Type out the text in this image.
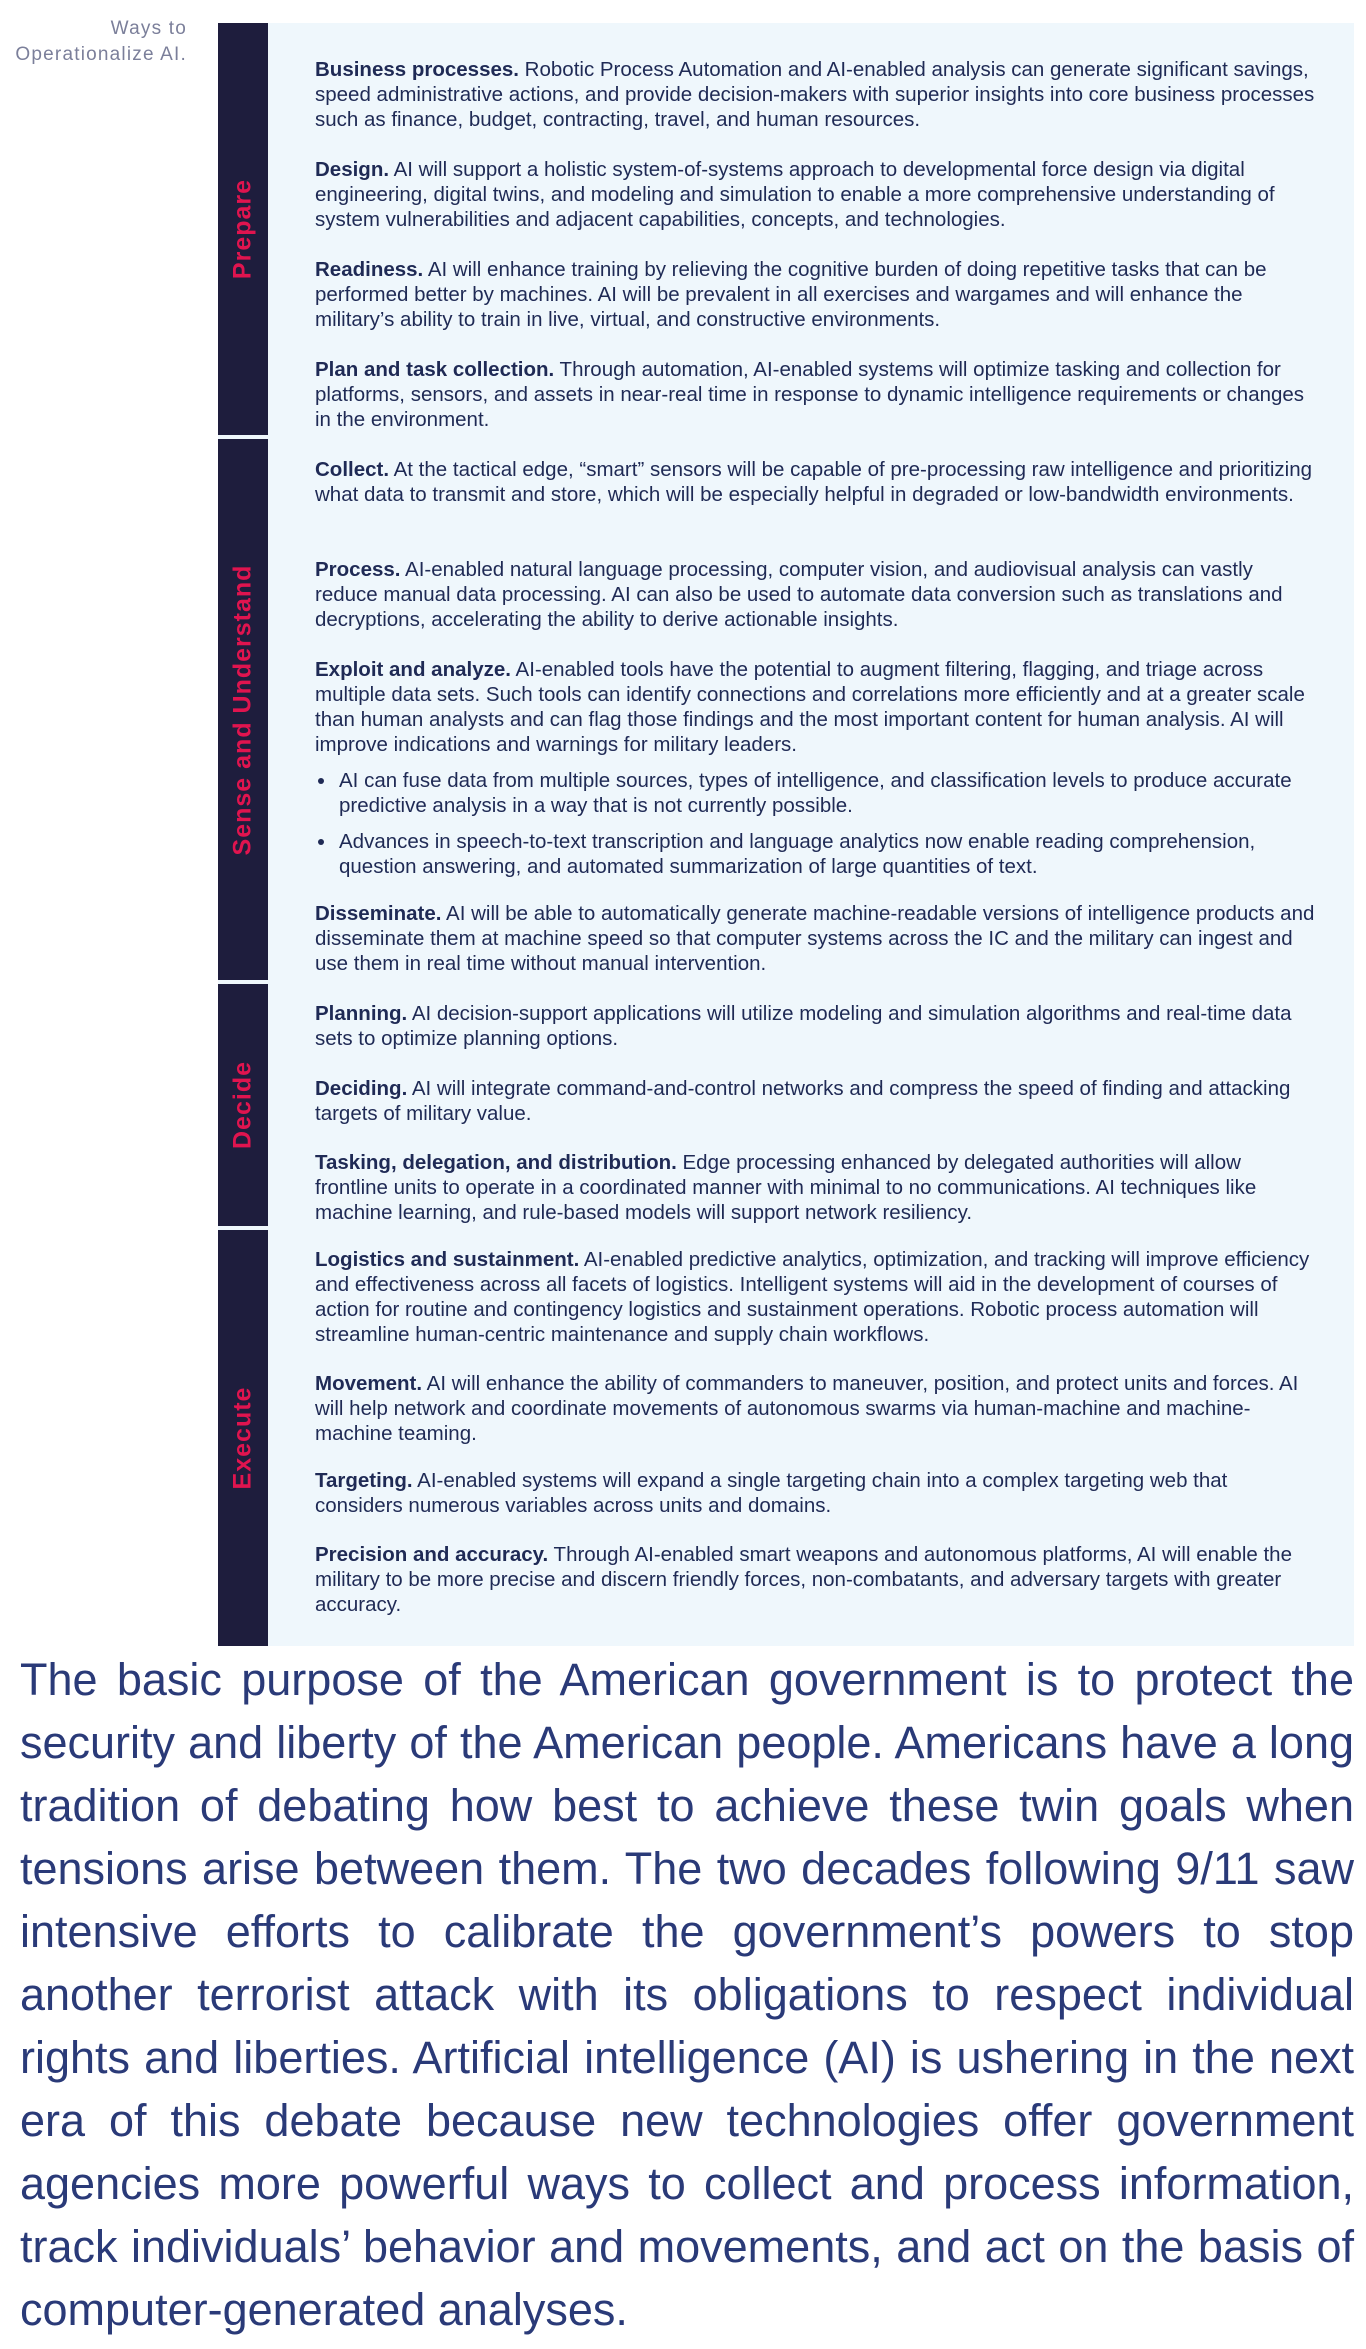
Ways to Operationalize AI.
Prepare
Sense and Understand
Decide
Execute
Business processes. Robotic Process Automation and AI-enabled analysis can generate significant savings, speed administrative actions, and provide decision-makers with superior insights into core business processes such as finance, budget, contracting, travel, and human resources.
Design. AI will support a holistic system-of-systems approach to developmental force design via digital engineering, digital twins, and modeling and simulation to enable a more comprehensive understanding of system vulnerabilities and adjacent capabilities, concepts, and technologies.
Readiness. AI will enhance training by relieving the cognitive burden of doing repetitive tasks that can be performed better by machines. AI will be prevalent in all exercises and wargames and will enhance the military’s ability to train in live, virtual, and constructive environments.
Plan and task collection. Through automation, AI-enabled systems will optimize tasking and collection for platforms, sensors, and assets in near-real time in response to dynamic intelligence requirements or changes in the environment.
Collect. At the tactical edge, “smart” sensors will be capable of pre-processing raw intelligence and prioritizing what data to transmit and store, which will be especially helpful in degraded or low-bandwidth environments.
Process. AI-enabled natural language processing, computer vision, and audiovisual analysis can vastly reduce manual data processing. AI can also be used to automate data conversion such as translations and decryptions, accelerating the ability to derive actionable insights.
Exploit and analyze. AI-enabled tools have the potential to augment filtering, flagging, and triage across multiple data sets. Such tools can identify connections and correlations more efficiently and at a greater scale than human analysts and can flag those findings and the most important content for human analysis. AI will improve indications and warnings for military leaders.
AI can fuse data from multiple sources, types of intelligence, and classification levels to produce accurate predictive analysis in a way that is not currently possible.
Advances in speech-to-text transcription and language analytics now enable reading comprehension, question answering, and automated summarization of large quantities of text.
Disseminate. AI will be able to automatically generate machine-readable versions of intelligence products and disseminate them at machine speed so that computer systems across the IC and the military can ingest and use them in real time without manual intervention.
Planning. AI decision-support applications will utilize modeling and simulation algorithms and real-time data sets to optimize planning options.
Deciding. AI will integrate command-and-control networks and compress the speed of finding and attacking targets of military value.
Tasking, delegation, and distribution. Edge processing enhanced by delegated authorities will allow frontline units to operate in a coordinated manner with minimal to no communications. AI techniques like machine learning, and rule-based models will support network resiliency.
Logistics and sustainment. AI-enabled predictive analytics, optimization, and tracking will improve efficiency and effectiveness across all facets of logistics. Intelligent systems will aid in the development of courses of action for routine and contingency logistics and sustainment operations. Robotic process automation will streamline human-centric maintenance and supply chain workflows.
Movement. AI will enhance the ability of commanders to maneuver, position, and protect units and forces. AI will help network and coordinate movements of autonomous swarms via human-machine and machine-machine teaming.
Targeting. AI-enabled systems will expand a single targeting chain into a complex targeting web that considers numerous variables across units and domains.
Precision and accuracy. Through AI-enabled smart weapons and autonomous platforms, AI will enable the military to be more precise and discern friendly forces, non-combatants, and adversary targets with greater accuracy.

The basic purpose of the American government is to protect the security and liberty of the American people. Americans have a long tradition of debating how best to achieve these twin goals when tensions arise between them. The two decades following 9/11 saw intensive efforts to calibrate the government’s powers to stop another terrorist attack with its obligations to respect individual rights and liberties. Artificial intelligence (AI) is ushering in the next era of this debate because new technologies offer government agencies more powerful ways to collect and process information, track individuals’ behavior and movements, and act on the basis of computer-generated analyses.
